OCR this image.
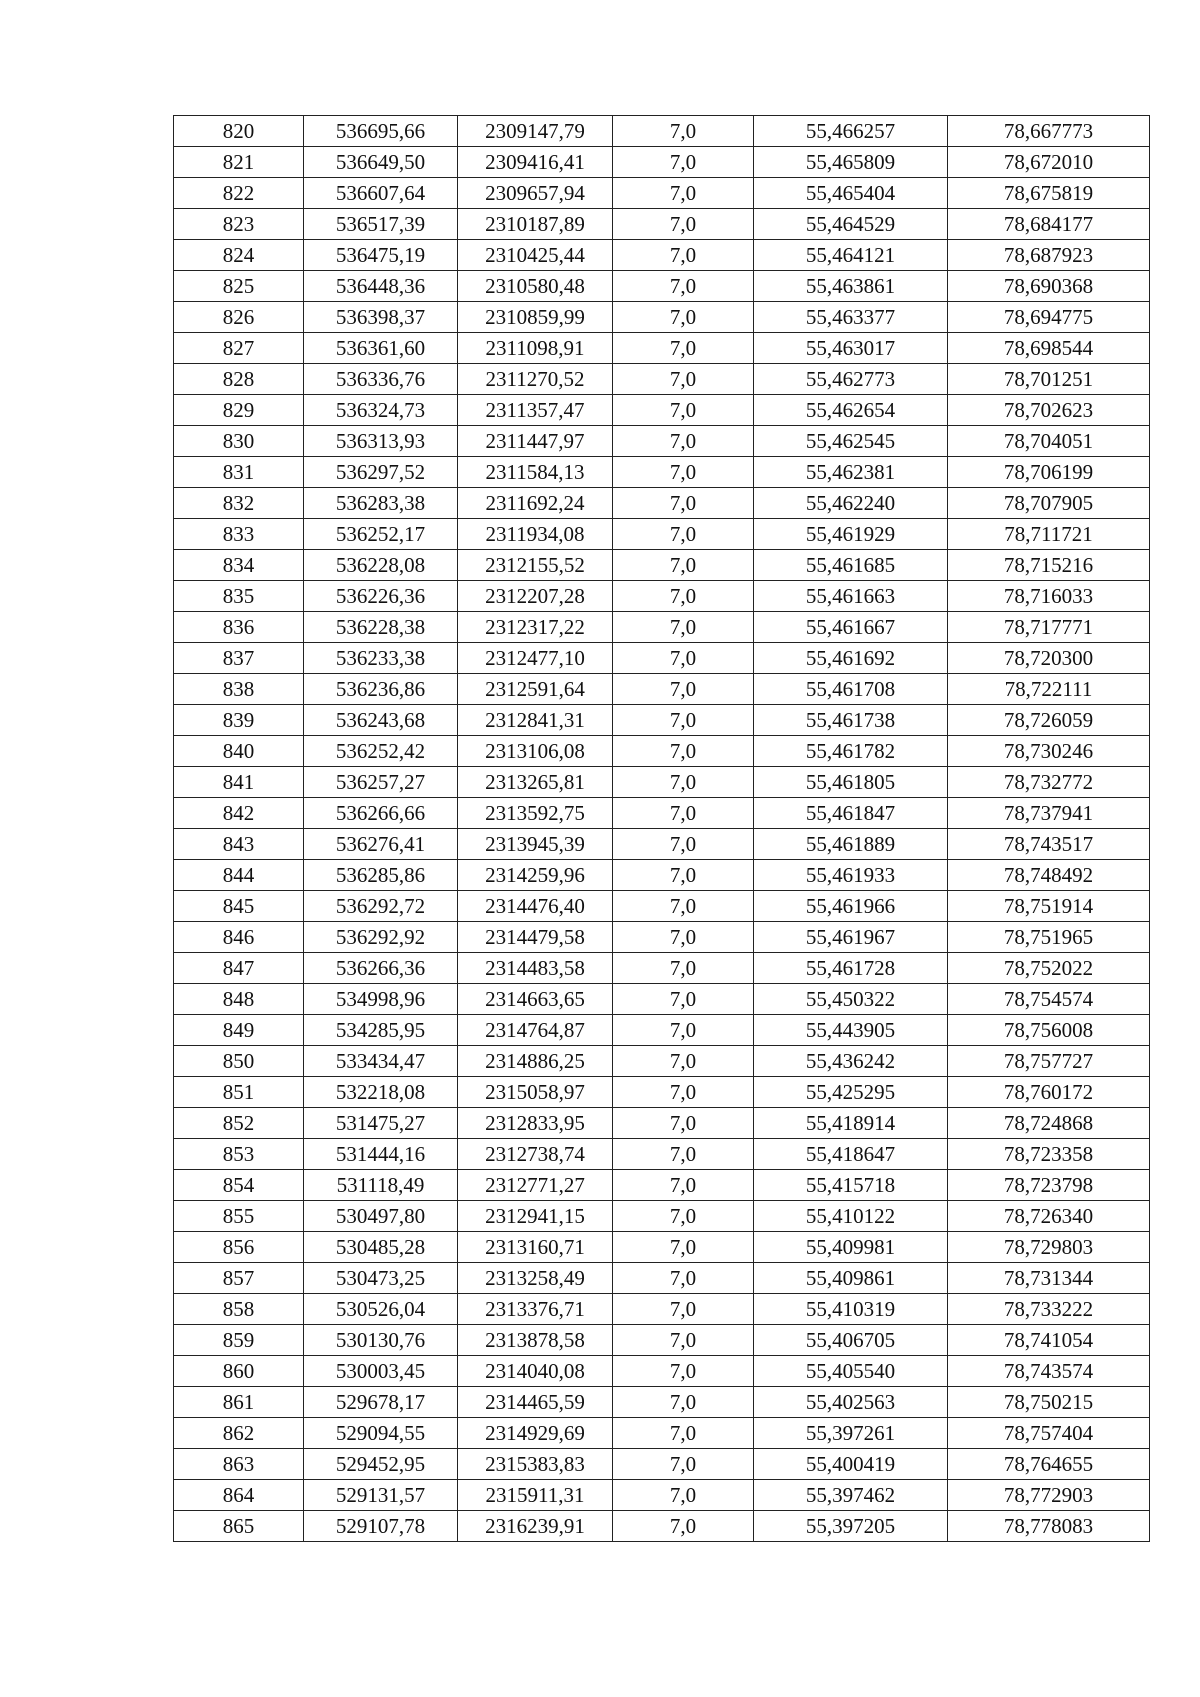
820	536695,66	2309147,79	7,0	55,466257	78,667773
821	536649,50	2309416,41	7,0	55,465809	78,672010
822	536607,64	2309657,94	7,0	55,465404	78,675819
823	536517,39	2310187,89	7,0	55,464529	78,684177
824	536475,19	2310425,44	7,0	55,464121	78,687923
825	536448,36	2310580,48	7,0	55,463861	78,690368
826	536398,37	2310859,99	7,0	55,463377	78,694775
827	536361,60	2311098,91	7,0	55,463017	78,698544
828	536336,76	2311270,52	7,0	55,462773	78,701251
829	536324,73	2311357,47	7,0	55,462654	78,702623
830	536313,93	2311447,97	7,0	55,462545	78,704051
831	536297,52	2311584,13	7,0	55,462381	78,706199
832	536283,38	2311692,24	7,0	55,462240	78,707905
833	536252,17	2311934,08	7,0	55,461929	78,711721
834	536228,08	2312155,52	7,0	55,461685	78,715216
835	536226,36	2312207,28	7,0	55,461663	78,716033
836	536228,38	2312317,22	7,0	55,461667	78,717771
837	536233,38	2312477,10	7,0	55,461692	78,720300
838	536236,86	2312591,64	7,0	55,461708	78,722111
839	536243,68	2312841,31	7,0	55,461738	78,726059
840	536252,42	2313106,08	7,0	55,461782	78,730246
841	536257,27	2313265,81	7,0	55,461805	78,732772
842	536266,66	2313592,75	7,0	55,461847	78,737941
843	536276,41	2313945,39	7,0	55,461889	78,743517
844	536285,86	2314259,96	7,0	55,461933	78,748492
845	536292,72	2314476,40	7,0	55,461966	78,751914
846	536292,92	2314479,58	7,0	55,461967	78,751965
847	536266,36	2314483,58	7,0	55,461728	78,752022
848	534998,96	2314663,65	7,0	55,450322	78,754574
849	534285,95	2314764,87	7,0	55,443905	78,756008
850	533434,47	2314886,25	7,0	55,436242	78,757727
851	532218,08	2315058,97	7,0	55,425295	78,760172
852	531475,27	2312833,95	7,0	55,418914	78,724868
853	531444,16	2312738,74	7,0	55,418647	78,723358
854	531118,49	2312771,27	7,0	55,415718	78,723798
855	530497,80	2312941,15	7,0	55,410122	78,726340
856	530485,28	2313160,71	7,0	55,409981	78,729803
857	530473,25	2313258,49	7,0	55,409861	78,731344
858	530526,04	2313376,71	7,0	55,410319	78,733222
859	530130,76	2313878,58	7,0	55,406705	78,741054
860	530003,45	2314040,08	7,0	55,405540	78,743574
861	529678,17	2314465,59	7,0	55,402563	78,750215
862	529094,55	2314929,69	7,0	55,397261	78,757404
863	529452,95	2315383,83	7,0	55,400419	78,764655
864	529131,57	2315911,31	7,0	55,397462	78,772903
865	529107,78	2316239,91	7,0	55,397205	78,778083
